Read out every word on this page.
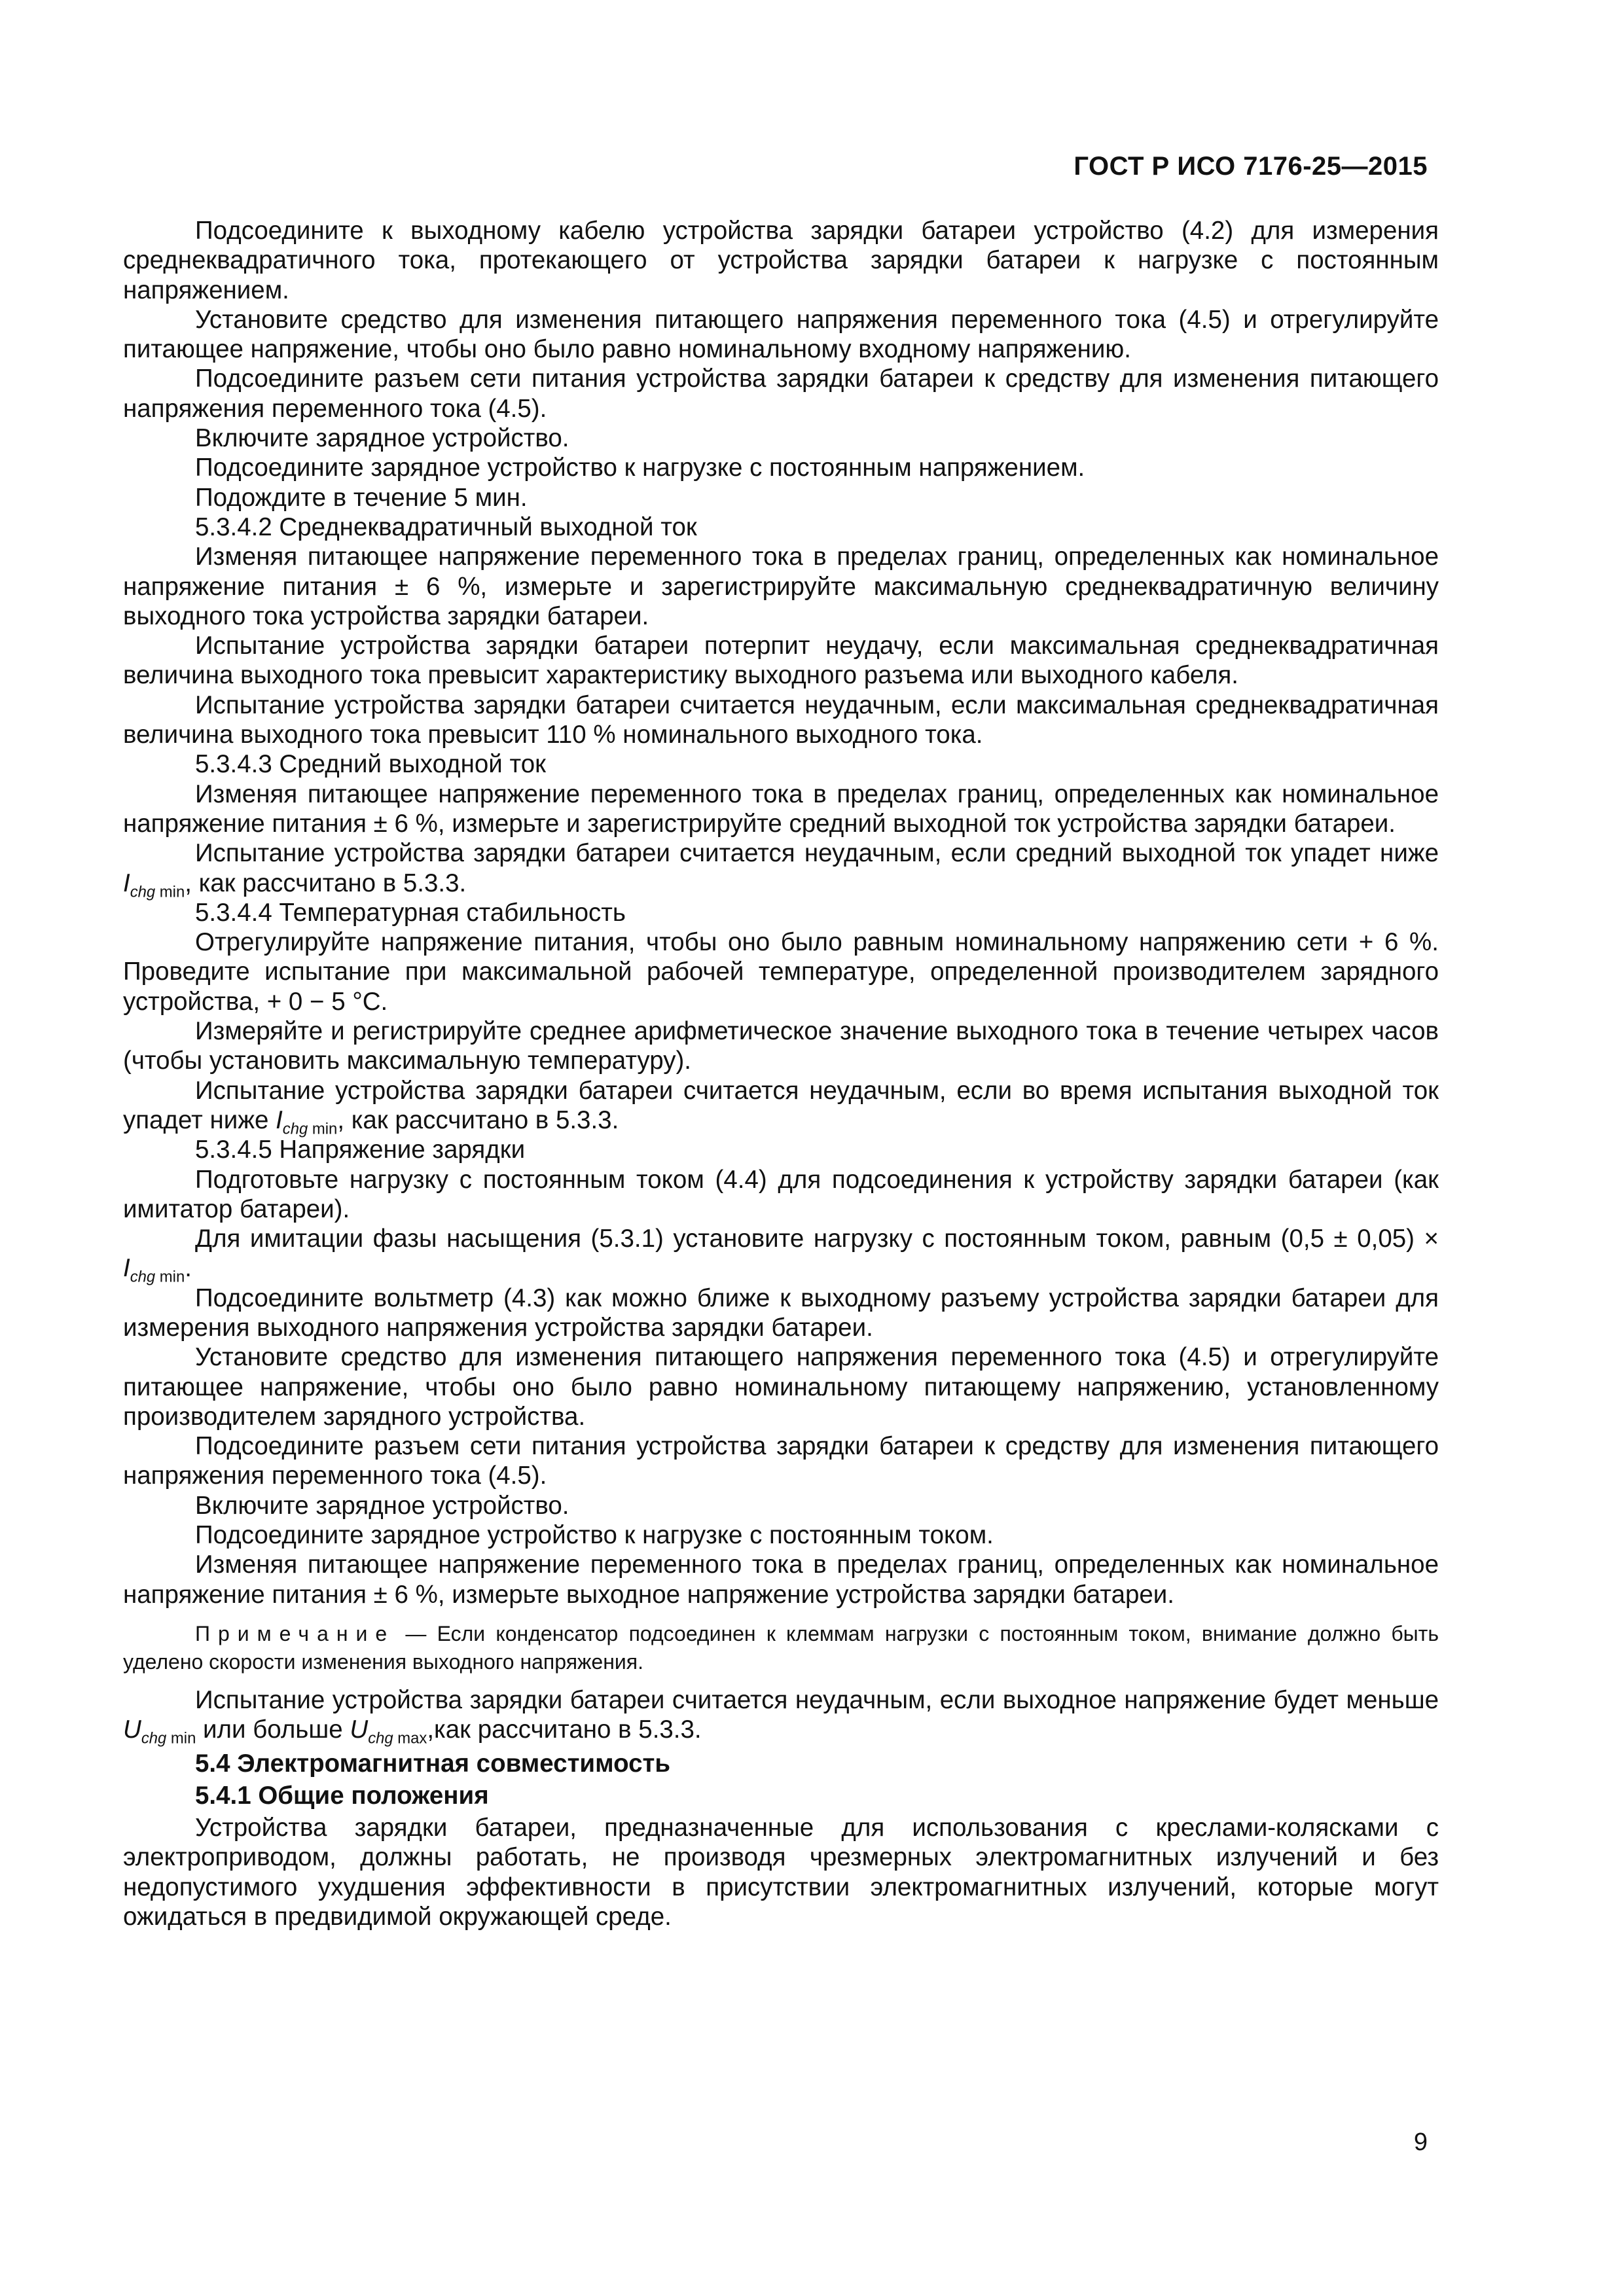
ГОСТ Р ИСО 7176-25—2015

Подсоедините к выходному кабелю устройства зарядки батареи устройство (4.2) для измерения среднеквадратичного тока, протекающего от устройства зарядки батареи к нагрузке с постоянным напряжением.

Установите средство для изменения питающего напряжения переменного тока (4.5) и отрегулируйте питающее напряжение, чтобы оно было равно номинальному входному напряжению.

Подсоедините разъем сети питания устройства зарядки батареи к средству для изменения питающего напряжения переменного тока (4.5).

Включите зарядное устройство.

Подсоедините зарядное устройство к нагрузке с постоянным напряжением.

Подождите в течение 5 мин.

5.3.4.2 Среднеквадратичный выходной ток

Изменяя питающее напряжение переменного тока в пределах границ, определенных как номинальное напряжение питания ± 6 %, измерьте и зарегистрируйте максимальную среднеквадратичную величину выходного тока устройства зарядки батареи.

Испытание устройства зарядки батареи потерпит неудачу, если максимальная среднеквадратичная величина выходного тока превысит характеристику выходного разъема или выходного кабеля.

Испытание устройства зарядки батареи считается неудачным, если максимальная среднеквадратичная величина выходного тока превысит 110 % номинального выходного тока.

5.3.4.3 Средний выходной ток

Изменяя питающее напряжение переменного тока в пределах границ, определенных как номинальное напряжение питания ± 6 %, измерьте и зарегистрируйте средний выходной ток устройства зарядки батареи.

Испытание устройства зарядки батареи считается неудачным, если средний выходной ток упадет ниже $I_{chg min}$, как рассчитано в 5.3.3.

5.3.4.4 Температурная стабильность

Отрегулируйте напряжение питания, чтобы оно было равным номинальному напряжению сети + 6 %. Проведите испытание при максимальной рабочей температуре, определенной производителем зарядного устройства, + 0 − 5 °С.

Измеряйте и регистрируйте среднее арифметическое значение выходного тока в течение четырех часов (чтобы установить максимальную температуру).

Испытание устройства зарядки батареи считается неудачным, если во время испытания выходной ток упадет ниже $I_{chg min}$, как рассчитано в 5.3.3.

5.3.4.5 Напряжение зарядки

Подготовьте нагрузку с постоянным током (4.4) для подсоединения к устройству зарядки батареи (как имитатор батареи).

Для имитации фазы насыщения (5.3.1) установите нагрузку с постоянным током, равным $(0,5 \pm 0,05) \times I_{chg min}$.

Подсоедините вольтметр (4.3) как можно ближе к выходному разъему устройства зарядки батареи для измерения выходного напряжения устройства зарядки батареи.

Установите средство для изменения питающего напряжения переменного тока (4.5) и отрегулируйте питающее напряжение, чтобы оно было равно номинальному питающему напряжению, установленному производителем зарядного устройства.

Подсоедините разъем сети питания устройства зарядки батареи к средству для изменения питающего напряжения переменного тока (4.5).

Включите зарядное устройство.

Подсоедините зарядное устройство к нагрузке с постоянным током.

Изменяя питающее напряжение переменного тока в пределах границ, определенных как номинальное напряжение питания ± 6 %, измерьте выходное напряжение устройства зарядки батареи.

Примечание — Если конденсатор подсоединен к клеммам нагрузки с постоянным током, внимание должно быть уделено скорости изменения выходного напряжения.

Испытание устройства зарядки батареи считается неудачным, если выходное напряжение будет меньше $U_{chg min}$ или больше $U_{chg max},как$ рассчитано в 5.3.3.

5.4 Электромагнитная совместимость
5.4.1 Общие положения

Устройства зарядки батареи, предназначенные для использования с креслами-колясками с электроприводом, должны работать, не производя чрезмерных электромагнитных излучений и без недопустимого ухудшения эффективности в присутствии электромагнитных излучений, которые могут ожидаться в предвидимой окружающей среде.

9
